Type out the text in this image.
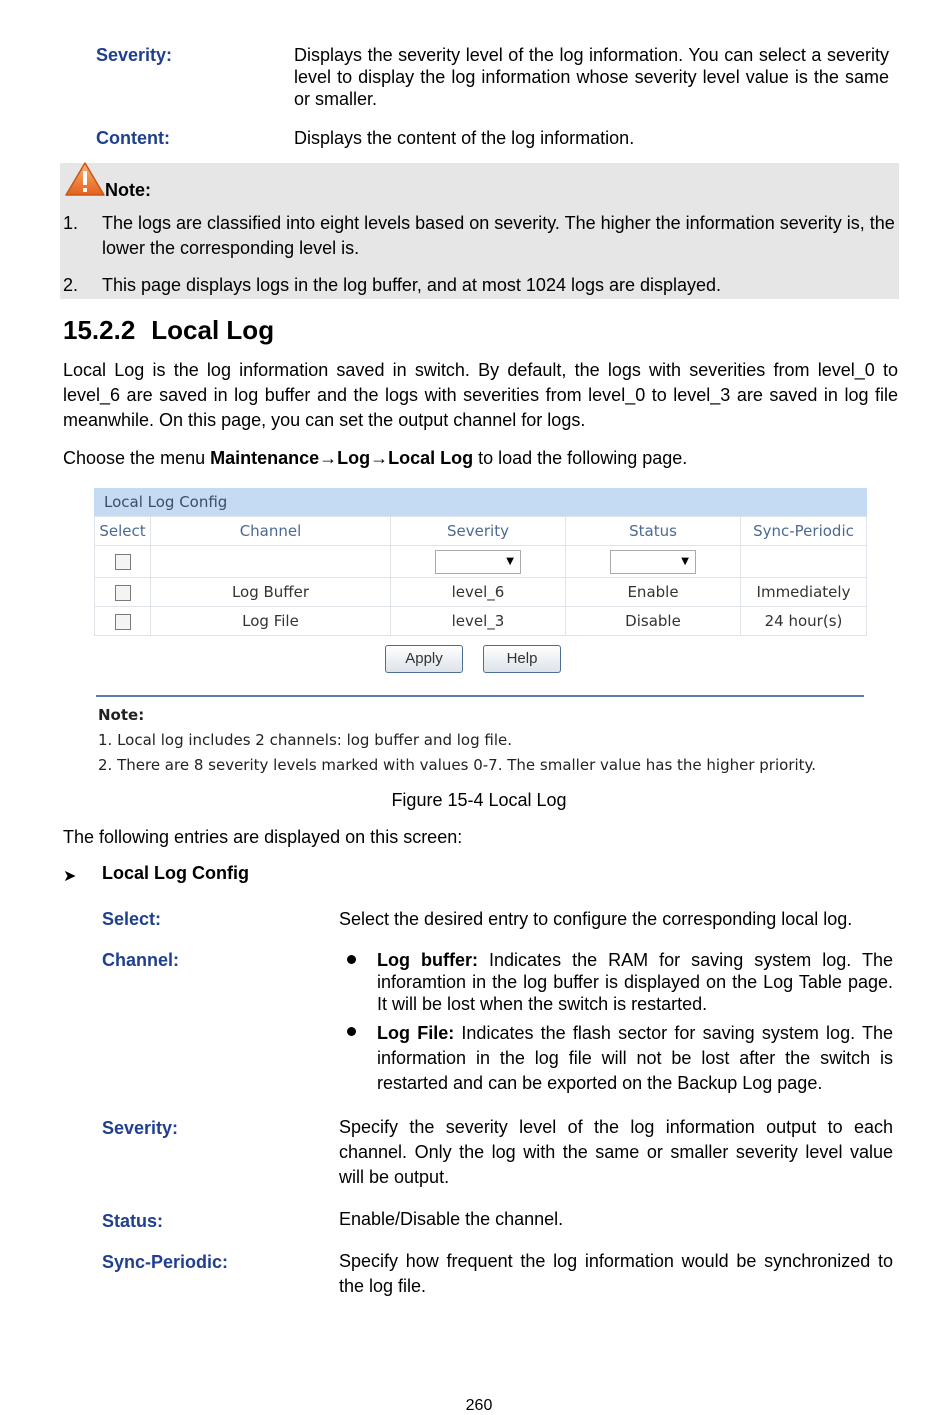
Severity:	Displays the severity level of the log information. You can select a severity level to display the log information whose severity level value is the same or smaller.
Content:	Displays the content of the log information.
Note:
1. The logs are classified into eight levels based on severity. The higher the information severity is, the lower the corresponding level is.
2. This page displays logs in the log buffer, and at most 1024 logs are displayed.
15.2.2 Local Log
Local Log is the log information saved in switch. By default, the logs with severities from level_0 to level_6 are saved in log buffer and the logs with severities from level_0 to level_3 are saved in log file meanwhile. On this page, you can set the output channel for logs.
Choose the menu Maintenance→Log→Local Log to load the following page.
Local Log Config
Select	Channel	Severity	Status	Sync-Periodic

		▼	▼	

	Log Buffer	level_6	Enable	Immediately
	Log File	level_3	Disable	24 hour(s)
Apply	Help
Note:
1. Local log includes 2 channels: log buffer and log file.
2. There are 8 severity levels marked with values 0-7. The smaller value has the higher priority.
Figure 15-4 Local Log
The following entries are displayed on this screen:
➤ Local Log Config
Select:	Select the desired entry to configure the corresponding local log.
Channel:	Log buffer: Indicates the RAM for saving system log. The inforamtion in the log buffer is displayed on the Log Table page. It will be lost when the switch is restarted.
Log File: Indicates the flash sector for saving system log. The information in the log file will not be lost after the switch is restarted and can be exported on the Backup Log page.
Severity:	Specify the severity level of the log information output to each channel. Only the log with the same or smaller severity level value will be output.
Status:	Enable/Disable the channel.
Sync-Periodic:	Specify how frequent the log information would be synchronized to the log file.
260
